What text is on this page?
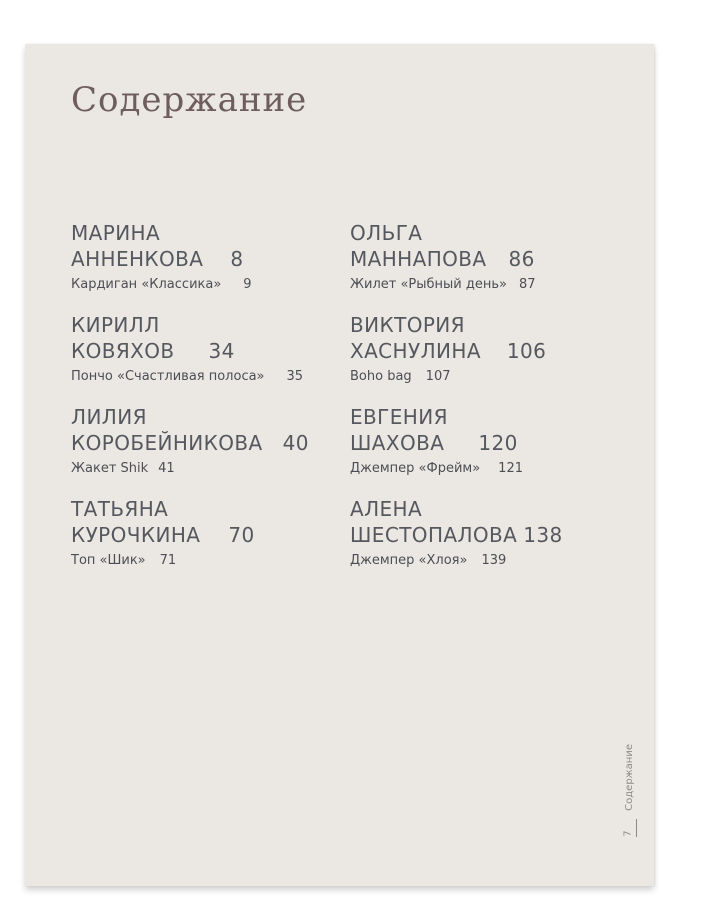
Содержание
МАРИНА
АННЕНКОВА 8
Кардиган «Классика» 9
КИРИЛЛ
КОВЯХОВ 34
Пончо «Счастливая полоса» 35
ЛИЛИЯ
КОРОБЕЙНИКОВА 40
Жакет Shik 41
ТАТЬЯНА
КУРОЧКИНА 70
Топ «Шик» 71
ОЛЬГА
МАННАПОВА 86
Жилет «Рыбный день» 87
ВИКТОРИЯ
ХАСНУЛИНА 106
Boho bag 107
ЕВГЕНИЯ
ШАХОВА 120
Джемпер «Фрейм» 121
АЛЕНА
ШЕСТОПАЛОВА 138
Джемпер «Хлоя» 139
Содержание
7
